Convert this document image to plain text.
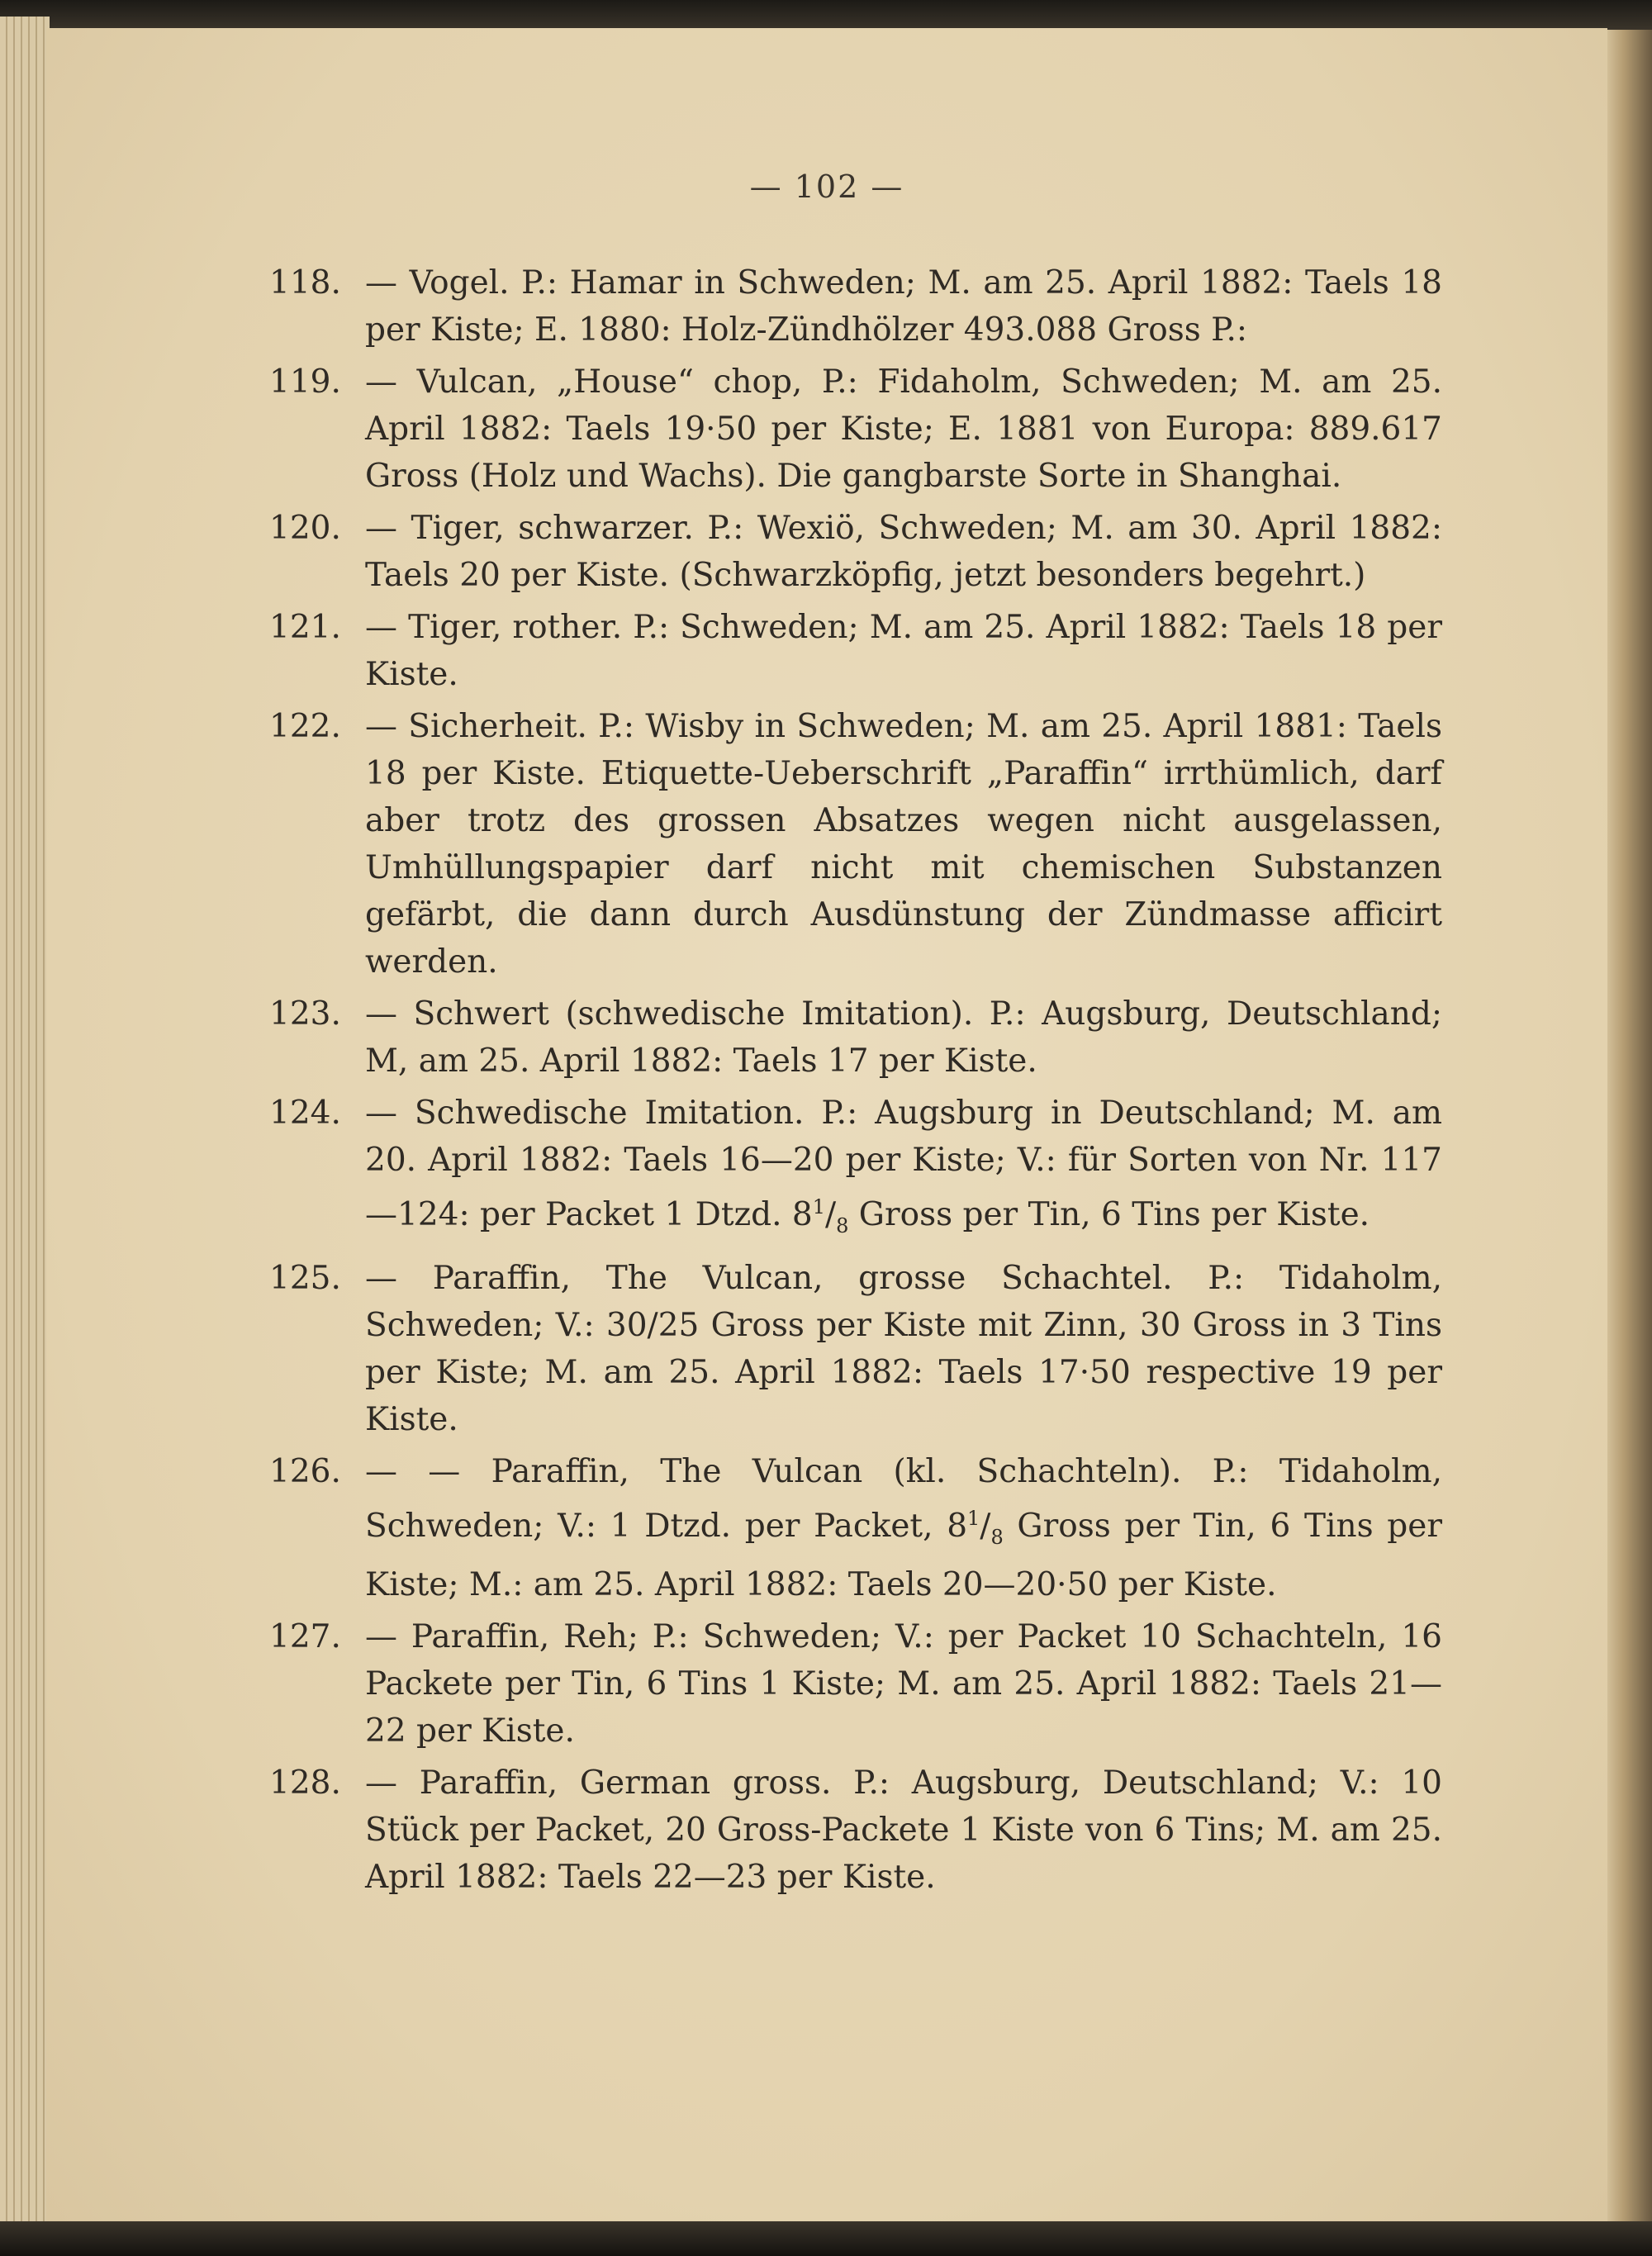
— 102 —
118. — Vogel. P.: Hamar in Schweden; M. am 25. April 1882: Taels 18 per Kiste; E. 1880: Holz-Zündhölzer 493.088 Gross P.:
119. — Vulcan, „House“ chop, P.: Fidaholm, Schweden; M. am 25. April 1882: Taels 19·50 per Kiste; E. 1881 von Europa: 889.617 Gross (Holz und Wachs). Die gangbarste Sorte in Shanghai.
120. — Tiger, schwarzer. P.: Wexiö, Schweden; M. am 30. April 1882: Taels 20 per Kiste. (Schwarzköpfig, jetzt besonders begehrt.)
121. — Tiger, rother. P.: Schweden; M. am 25. April 1882: Taels 18 per Kiste.
122. — Sicherheit. P.: Wisby in Schweden; M. am 25. April 1881: Taels 18 per Kiste. Etiquette-Ueberschrift „Paraffin“ irrthümlich, darf aber trotz des grossen Absatzes wegen nicht ausgelassen, Umhüllungspapier darf nicht mit chemischen Substanzen gefärbt, die dann durch Ausdünstung der Zündmasse afficirt werden.
123. — Schwert (schwedische Imitation). P.: Augsburg, Deutschland; M, am 25. April 1882: Taels 17 per Kiste.
124. — Schwedische Imitation. P.: Augsburg in Deutschland; M. am 20. April 1882: Taels 16—20 per Kiste; V.: für Sorten von Nr. 117—124: per Packet 1 Dtzd. $8^1/_8$ Gross per Tin, 6 Tins per Kiste.
125. — Paraffin, The Vulcan, grosse Schachtel. P.: Tidaholm, Schweden; V.: 30/25 Gross per Kiste mit Zinn, 30 Gross in 3 Tins per Kiste; M. am 25. April 1882: Taels 17·50 respective 19 per Kiste.
126. — — Paraffin, The Vulcan (kl. Schachteln). P.: Tidaholm, Schweden; V.: 1 Dtzd. per Packet, $8^1/_8$ Gross per Tin, 6 Tins per Kiste; M.: am 25. April 1882: Taels 20—20·50 per Kiste.
127. — Paraffin, Reh; P.: Schweden; V.: per Packet 10 Schachteln, 16 Packete per Tin, 6 Tins 1 Kiste; M. am 25. April 1882: Taels 21—22 per Kiste.
128. — Paraffin, German gross. P.: Augsburg, Deutschland; V.: 10 Stück per Packet, 20 Gross-Packete 1 Kiste von 6 Tins; M. am 25. April 1882: Taels 22—23 per Kiste.
